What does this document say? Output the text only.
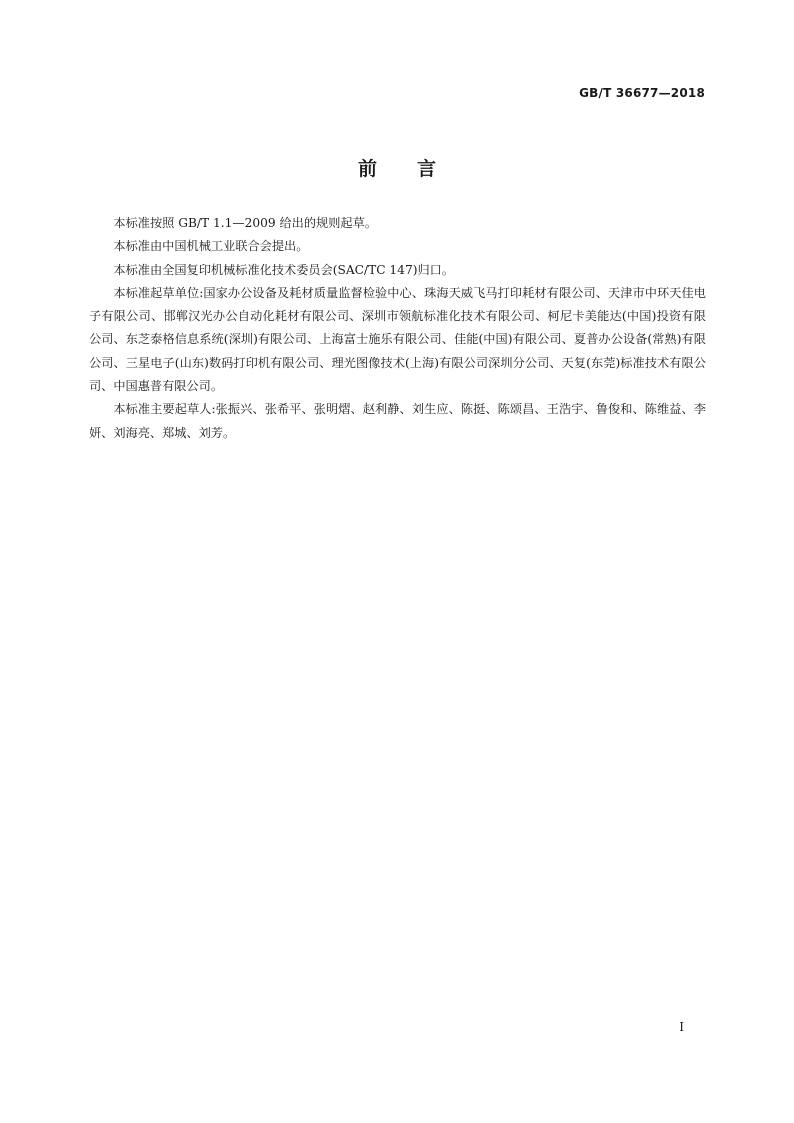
GB/T 36677—2018
前言

本标准按照 GB/T 1.1—2009 给出的规则起草。

本标准由中国机械工业联合会提出。

本标准由全国复印机械标准化技术委员会(SAC/TC 147)归口。

本标准起草单位:国家办公设备及耗材质量监督检验中心、珠海天威飞马打印耗材有限公司、天津市中环天佳电子有限公司、邯郸汉光办公自动化耗材有限公司、深圳市领航标准化技术有限公司、柯尼卡美能达(中国)投资有限公司、东芝泰格信息系统(深圳)有限公司、上海富士施乐有限公司、佳能(中国)有限公司、夏普办公设备(常熟)有限公司、三星电子(山东)数码打印机有限公司、理光图像技术(上海)有限公司深圳分公司、天复(东莞)标准技术有限公司、中国惠普有限公司。

本标准主要起草人:张振兴、张希平、张明熠、赵利静、刘生应、陈挺、陈颂昌、王浩宇、鲁俊和、陈维益、李妍、刘海亮、郑城、刘芳。

I
